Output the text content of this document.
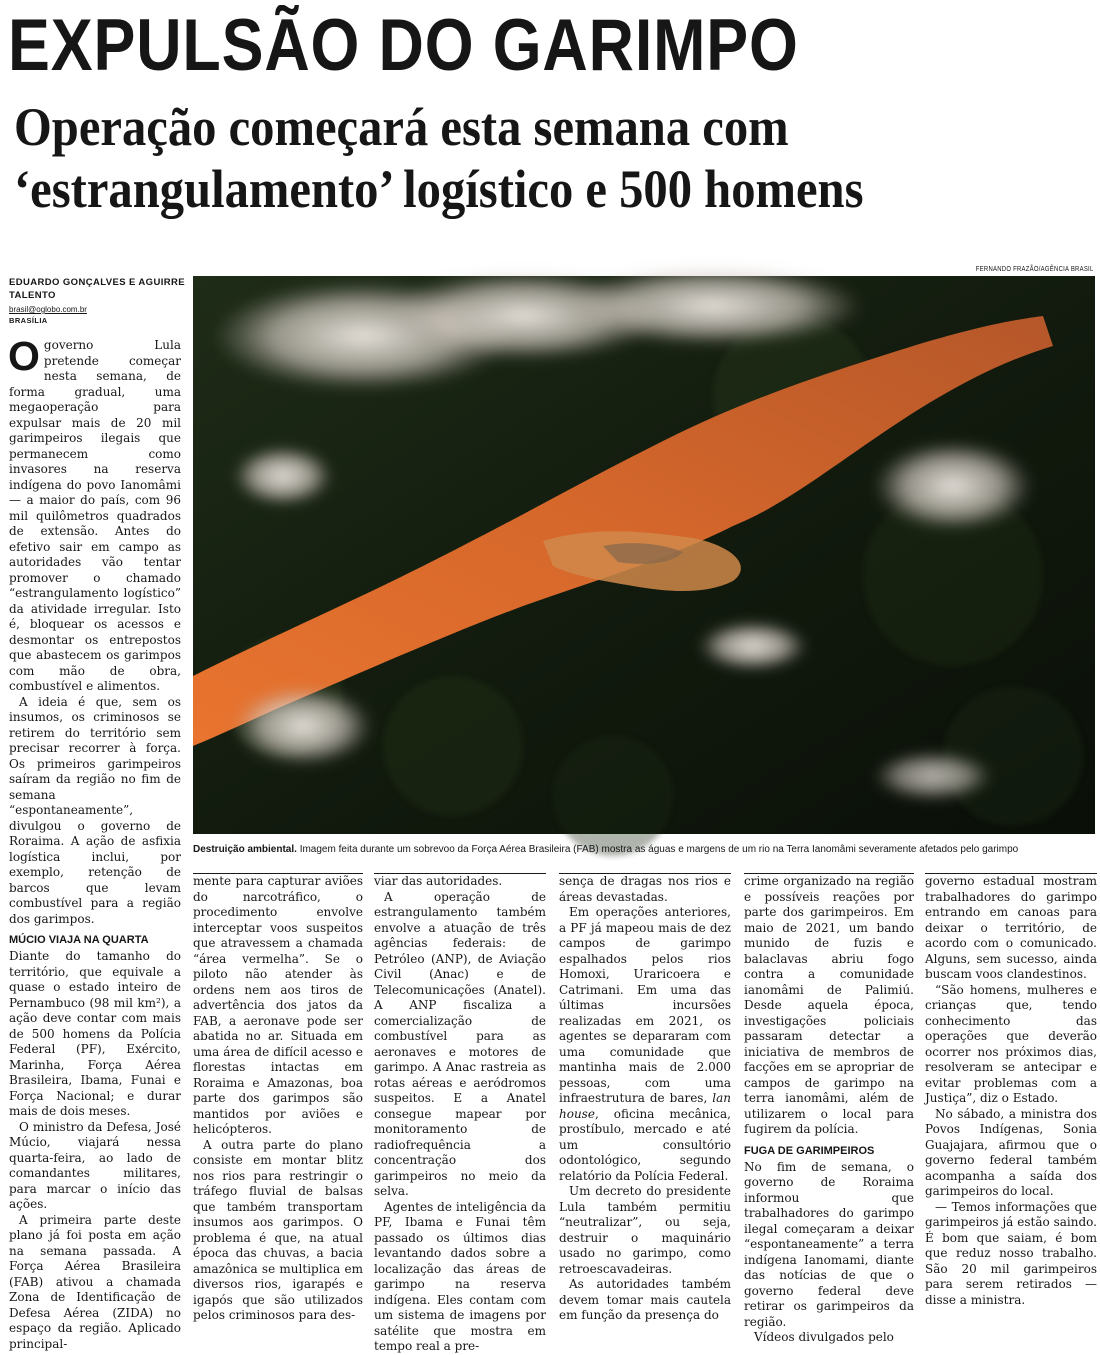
EXPULSÃO DO GARIMPO
Operação começará esta semana com
‘estrangulamento’ logístico e 500 homens
EDUARDO GONÇALVES E AGUIRRE TALENTO
brasil@oglobo.com.br
BRASÍLIA
FERNANDO FRAZÃO/AGÊNCIA BRASIL
Destruição ambiental. Imagem feita durante um sobrevoo da Força Aérea Brasileira (FAB) mostra as águas e margens de um rio na Terra Ianomâmi severamente afetados pelo garimpo

O governo Lula pretende começar nesta semana, de forma gradual, uma megaoperação para expulsar mais de 20 mil garimpeiros ilegais que permanecem como invasores na reserva indígena do povo Ianomâmi — a maior do país, com 96 mil quilômetros quadrados de extensão. Antes do efetivo sair em campo as autoridades vão tentar promover o chamado “estrangulamento logístico” da atividade irregular. Isto é, bloquear os acessos e desmontar os entrepostos que abastecem os garimpos com mão de obra, combustível e alimentos.

A ideia é que, sem os insumos, os criminosos se retirem do território sem precisar recorrer à força. Os primeiros garimpeiros saíram da região no fim de semana “espontaneamente”, divulgou o governo de Roraima. A ação de asfixia logística inclui, por exemplo, retenção de barcos que levam combustível para a região dos garimpos.

MÚCIO VIAJA NA QUARTA

Diante do tamanho do território, que equivale a quase o estado inteiro de Pernambuco (98 mil km²), a ação deve contar com mais de 500 homens da Polícia Federal (PF), Exército, Marinha, Força Aérea Brasileira, Ibama, Funai e Força Nacional; e durar mais de dois meses.

O ministro da Defesa, José Múcio, viajará nessa quarta-feira, ao lado de comandantes militares, para marcar o início das ações.

A primeira parte deste plano já foi posta em ação na semana passada. A Força Aérea Brasileira (FAB) ativou a chamada Zona de Identificação de Defesa Aérea (ZIDA) no espaço da região. Aplicado principal-

mente para capturar aviões do narcotráfico, o procedimento envolve interceptar voos suspeitos que atravessem a chamada “área vermelha”. Se o piloto não atender às ordens nem aos tiros de advertência dos jatos da FAB, a aeronave pode ser abatida no ar. Situada em uma área de difícil acesso e florestas intactas em Roraima e Amazonas, boa parte dos garimpos são mantidos por aviões e helicópteros.

A outra parte do plano consiste em montar blitz nos rios para restringir o tráfego fluvial de balsas que também transportam insumos aos garimpos. O problema é que, na atual época das chuvas, a bacia amazônica se multiplica em diversos rios, igarapés e igapós que são utilizados pelos criminosos para des-

viar das autoridades.

A operação de estrangulamento também envolve a atuação de três agências federais: de Petróleo (ANP), de Aviação Civil (Anac) e de Telecomunicações (Anatel). A ANP fiscaliza a comercialização de combustível para as aeronaves e motores de garimpo. A Anac rastreia as rotas aéreas e aeródromos suspeitos. E a Anatel consegue mapear por monitoramento de radiofrequência a concentração dos garimpeiros no meio da selva.

Agentes de inteligência da PF, Ibama e Funai têm passado os últimos dias levantando dados sobre a localização das áreas de garimpo na reserva indígena. Eles contam com um sistema de imagens por satélite que mostra em tempo real a pre-

sença de dragas nos rios e áreas devastadas.

Em operações anteriores, a PF já mapeou mais de dez campos de garimpo espalhados pelos rios Homoxi, Uraricoera e Catrimani. Em uma das últimas incursões realizadas em 2021, os agentes se depararam com uma comunidade que mantinha mais de 2.000 pessoas, com uma infraestrutura de bares, lan house, oficina mecânica, prostíbulo, mercado e até um consultório odontológico, segundo relatório da Polícia Federal.

Um decreto do presidente Lula também permitiu “neutralizar”, ou seja, destruir o maquinário usado no garimpo, como retroescavadeiras.

As autoridades também devem tomar mais cautela em função da presença do

crime organizado na região e possíveis reações por parte dos garimpeiros. Em maio de 2021, um bando munido de fuzis e balaclavas abriu fogo contra a comunidade ianomâmi de Palimiú. Desde aquela época, investigações policiais passaram detectar a iniciativa de membros de facções em se apropriar de campos de garimpo na terra ianomâmi, além de utilizarem o local para fugirem da polícia.

FUGA DE GARIMPEIROS

No fim de semana, o governo de Roraima informou que trabalhadores do garimpo ilegal começaram a deixar “espontaneamente” a terra indígena Ianomami, diante das notícias de que o governo federal deve retirar os garimpeiros da região.

Vídeos divulgados pelo

governo estadual mostram trabalhadores do garimpo entrando em canoas para deixar o território, de acordo com o comunicado. Alguns, sem sucesso, ainda buscam voos clandestinos.

“São homens, mulheres e crianças que, tendo conhecimento das operações que deverão ocorrer nos próximos dias, resolveram se antecipar e evitar problemas com a Justiça”, diz o Estado.

No sábado, a ministra dos Povos Indígenas, Sonia Guajajara, afirmou que o governo federal também acompanha a saída dos garimpeiros do local.

— Temos informações que garimpeiros já estão saindo. É bom que saiam, é bom que reduz nosso trabalho. São 20 mil garimpeiros para serem retirados — disse a ministra.
